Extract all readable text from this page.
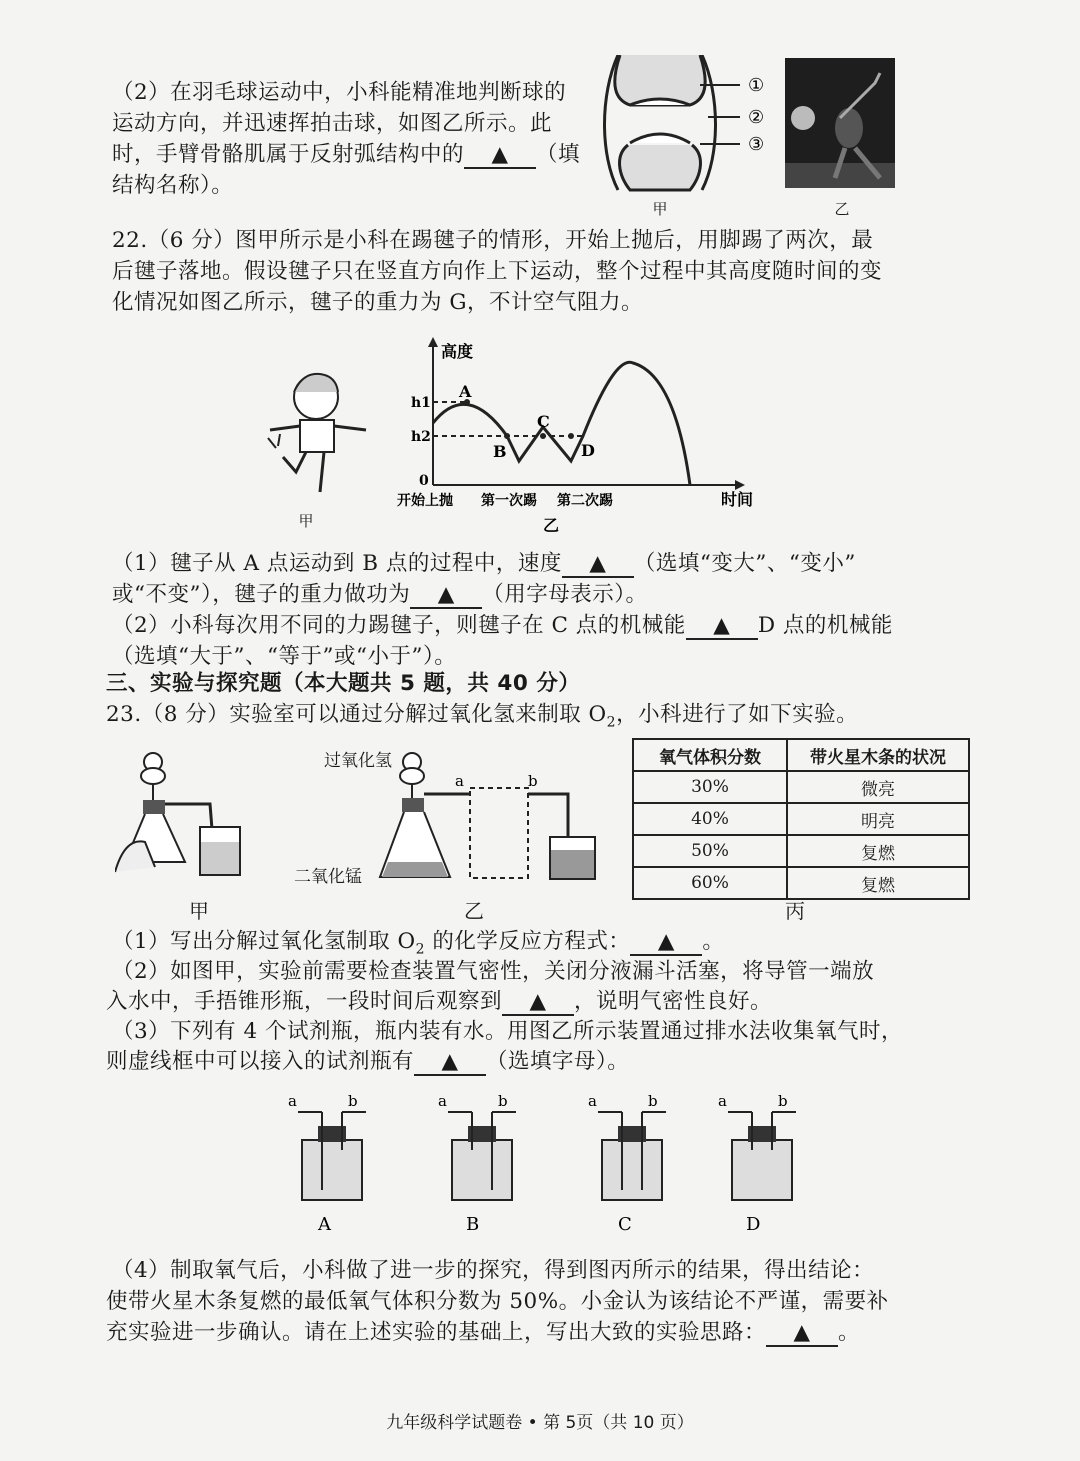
（2）在羽毛球运动中，小科能精准地判断球的
运动方向，并迅速挥拍击球，如图乙所示。此
时，手臂骨骼肌属于反射弧结构中的 ▲ （填
结构名称）。
①
②
③
甲	乙
22.（6 分）图甲所示是小科在踢毽子的情形，开始上抛后，用脚踢了两次，最
后毽子落地。假设毽子只在竖直方向作上下运动，整个过程中其高度随时间的变
化情况如图乙所示，毽子的重力为 G，不计空气阻力。
甲
高度
h1
h2
0
A
B
C
D
开始上抛 第一次踢 第二次踢	时间
乙
（1）毽子从 A 点运动到 B 点的过程中，速度 ▲ （选填“变大”、“变小”
或“不变”），毽子的重力做功为 ▲ （用字母表示）。
（2）小科每次用不同的力踢毽子，则毽子在 C 点的机械能 ▲ D 点的机械能
（选填“大于”、“等于”或“小于”）。
三、实验与探究题（本大题共 5 题，共 40 分）
23.（8 分）实验室可以通过分解过氧化氢来制取 $O_2$，小科进行了如下实验。
甲
过氧化氢
二氧化锰
a	b
乙
氧气体积分数	带火星木条的状况
30%	微亮
40%	明亮
50%	复燃
60%	复燃
丙
（1）写出分解过氧化氢制取 $O_2$ 的化学反应方程式： ▲ 。
（2）如图甲，实验前需要检查装置气密性，关闭分液漏斗活塞，将导管一端放
入水中，手捂锥形瓶，一段时间后观察到 ▲ ，说明气密性良好。
（3）下列有 4 个试剂瓶，瓶内装有水。用图乙所示装置通过排水法收集氧气时，
则虚线框中可以接入的试剂瓶有 ▲ （选填字母）。
a	b
A
a	b
B
a	b
C
a	b
D
（4）制取氧气后，小科做了进一步的探究，得到图丙所示的结果，得出结论：
使带火星木条复燃的最低氧气体积分数为 50%。小金认为该结论不严谨，需要补
充实验进一步确认。请在上述实验的基础上，写出大致的实验思路： ▲ 。
九年级科学试题卷 • 第 5页（共 10 页）
